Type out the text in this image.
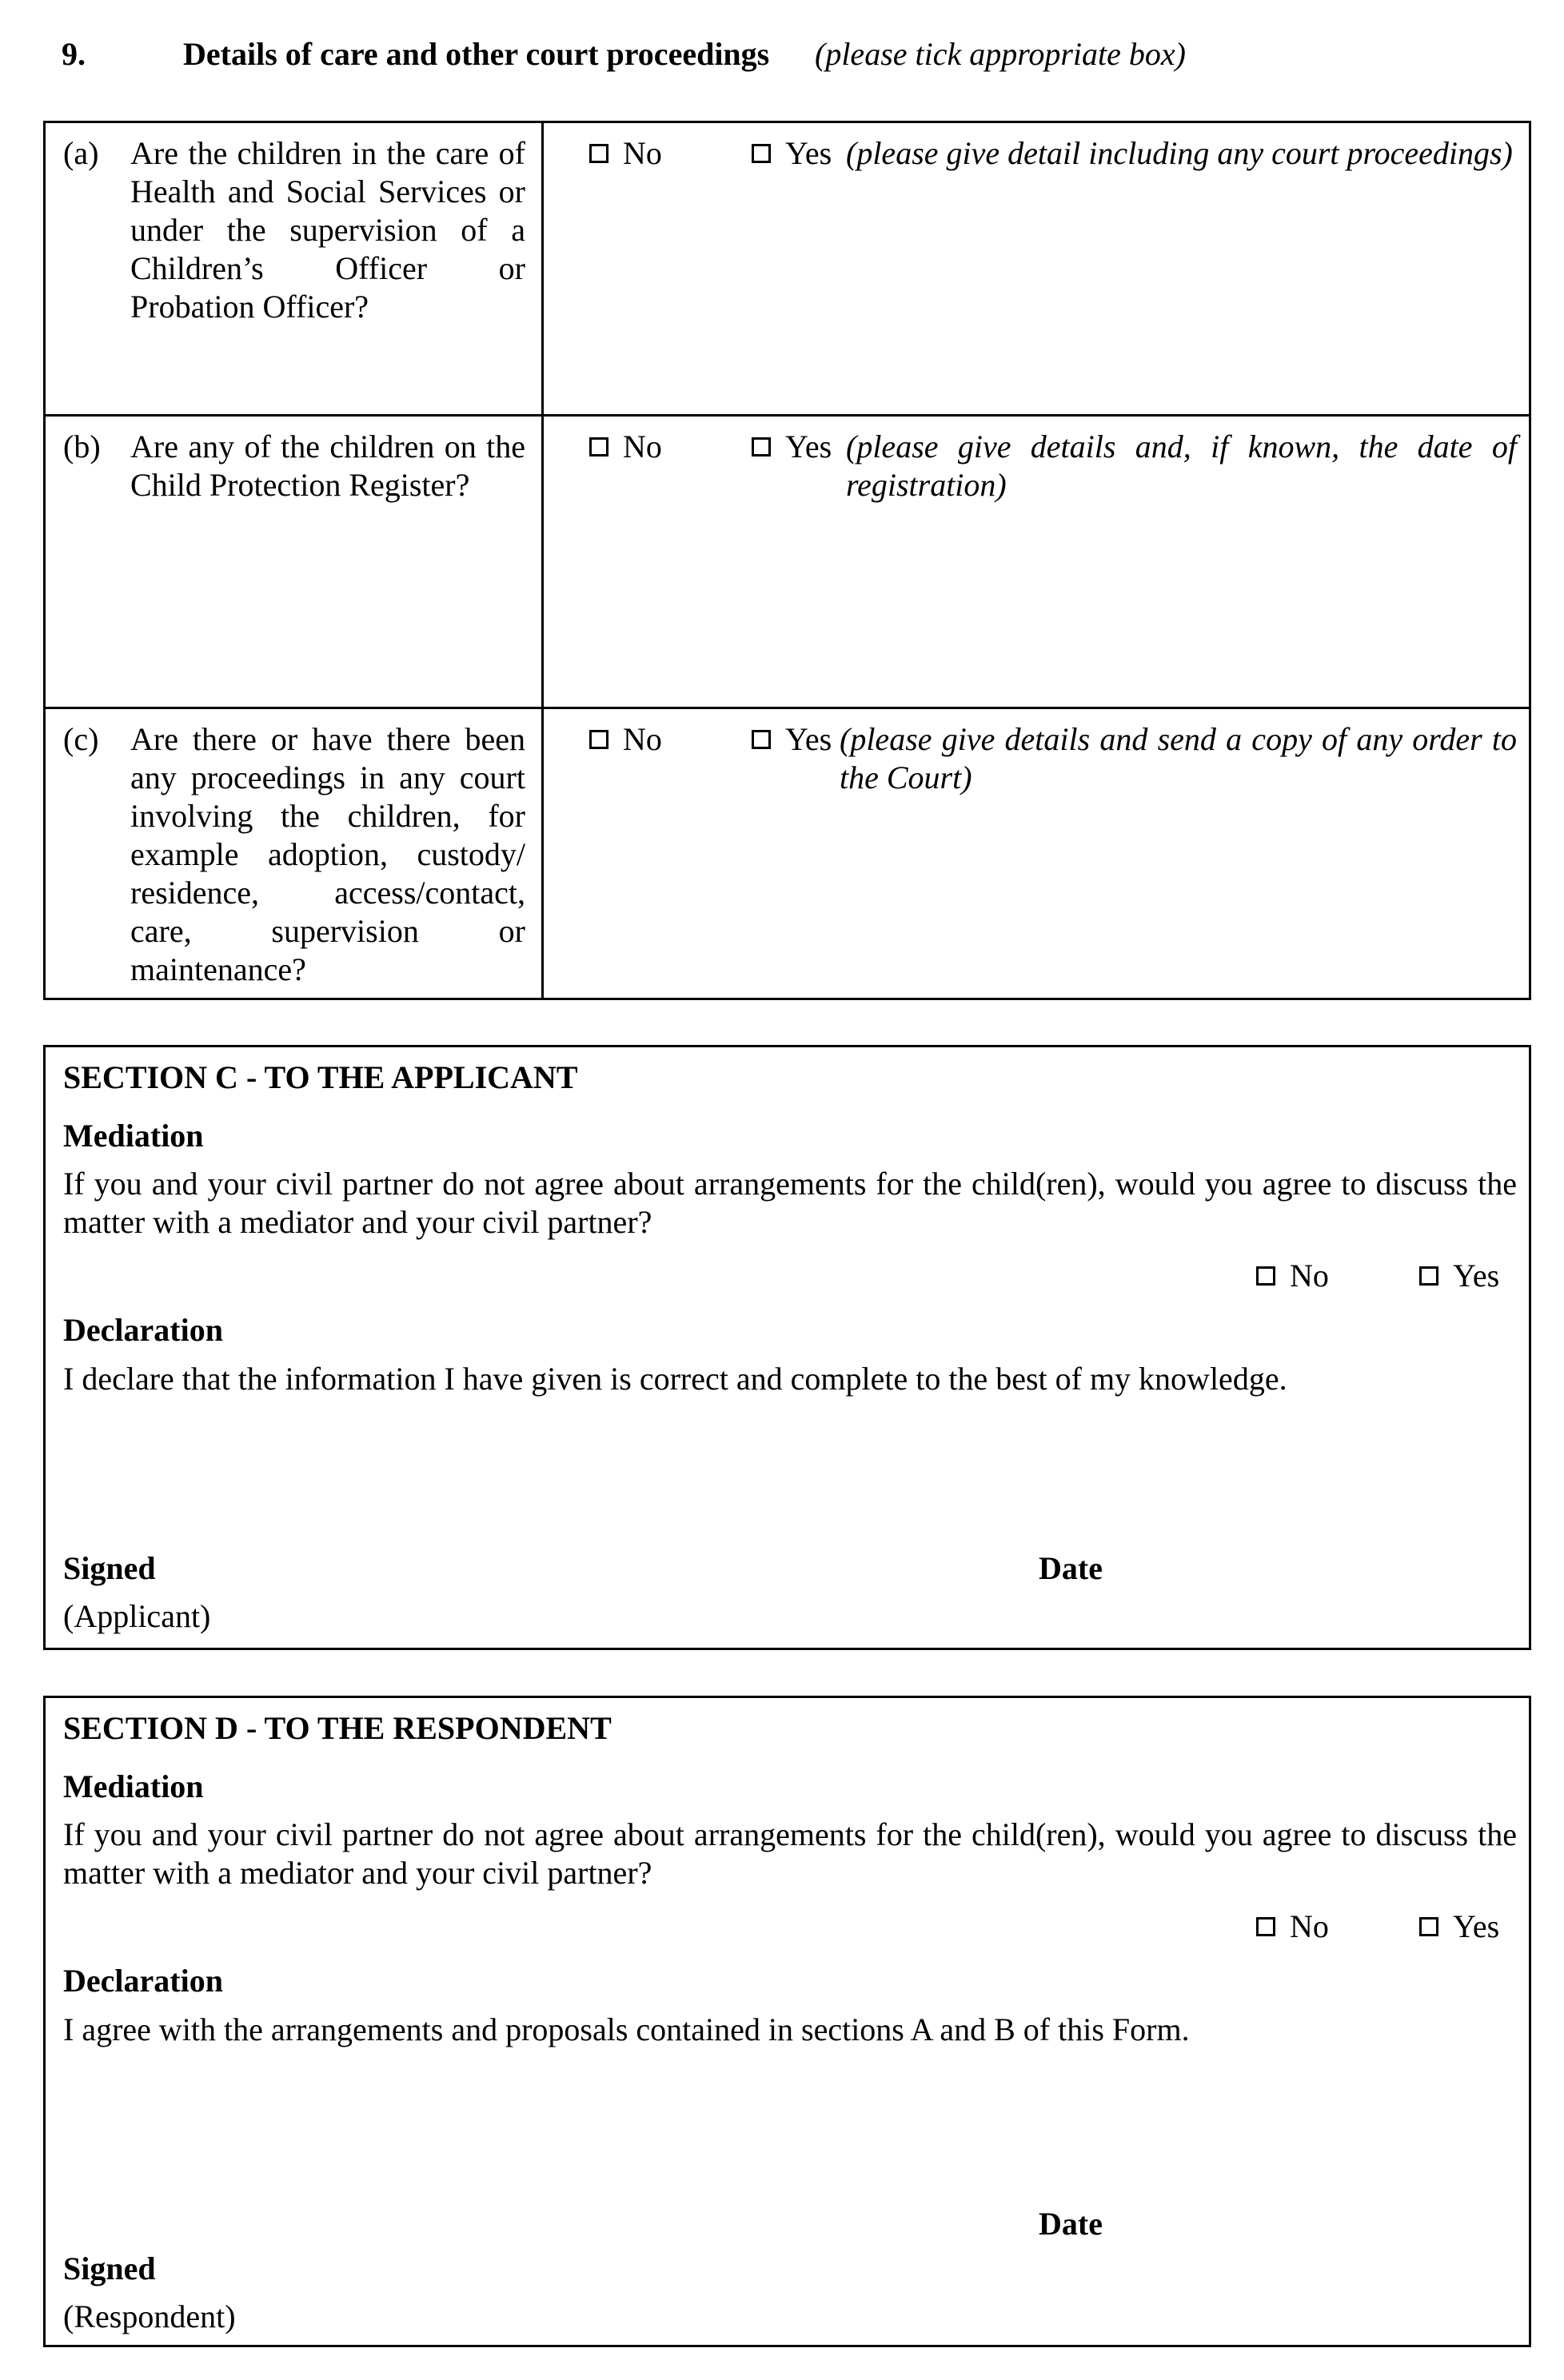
9.	Details of care and other court proceedings (please tick appropriate box)
(a) Are the children in the care of Health and Social Services or under the supervision of a Children’s Officer or Probation Officer?
No	Yes (please give detail including any court proceedings)
(b) Are any of the children on the Child Protection Register?
No	Yes (please give details and, if known, the date of registration)
(c) Are there or have there been any proceedings in any court involving the children, for example adoption, custody/ residence, access/contact, care, supervision or maintenance?
No	Yes (please give details and send a copy of any order to the Court)
SECTION C - TO THE APPLICANT
Mediation
If you and your civil partner do not agree about arrangements for the child(ren), would you agree to discuss the matter with a mediator and your civil partner?
No	Yes
Declaration
I declare that the information I have given is correct and complete to the best of my knowledge.
Signed
(Applicant)
Date
SECTION D - TO THE RESPONDENT
Mediation
If you and your civil partner do not agree about arrangements for the child(ren), would you agree to discuss the matter with a mediator and your civil partner?
No	Yes
Declaration
I agree with the arrangements and proposals contained in sections A and B of this Form.
Date
Signed
(Respondent)
